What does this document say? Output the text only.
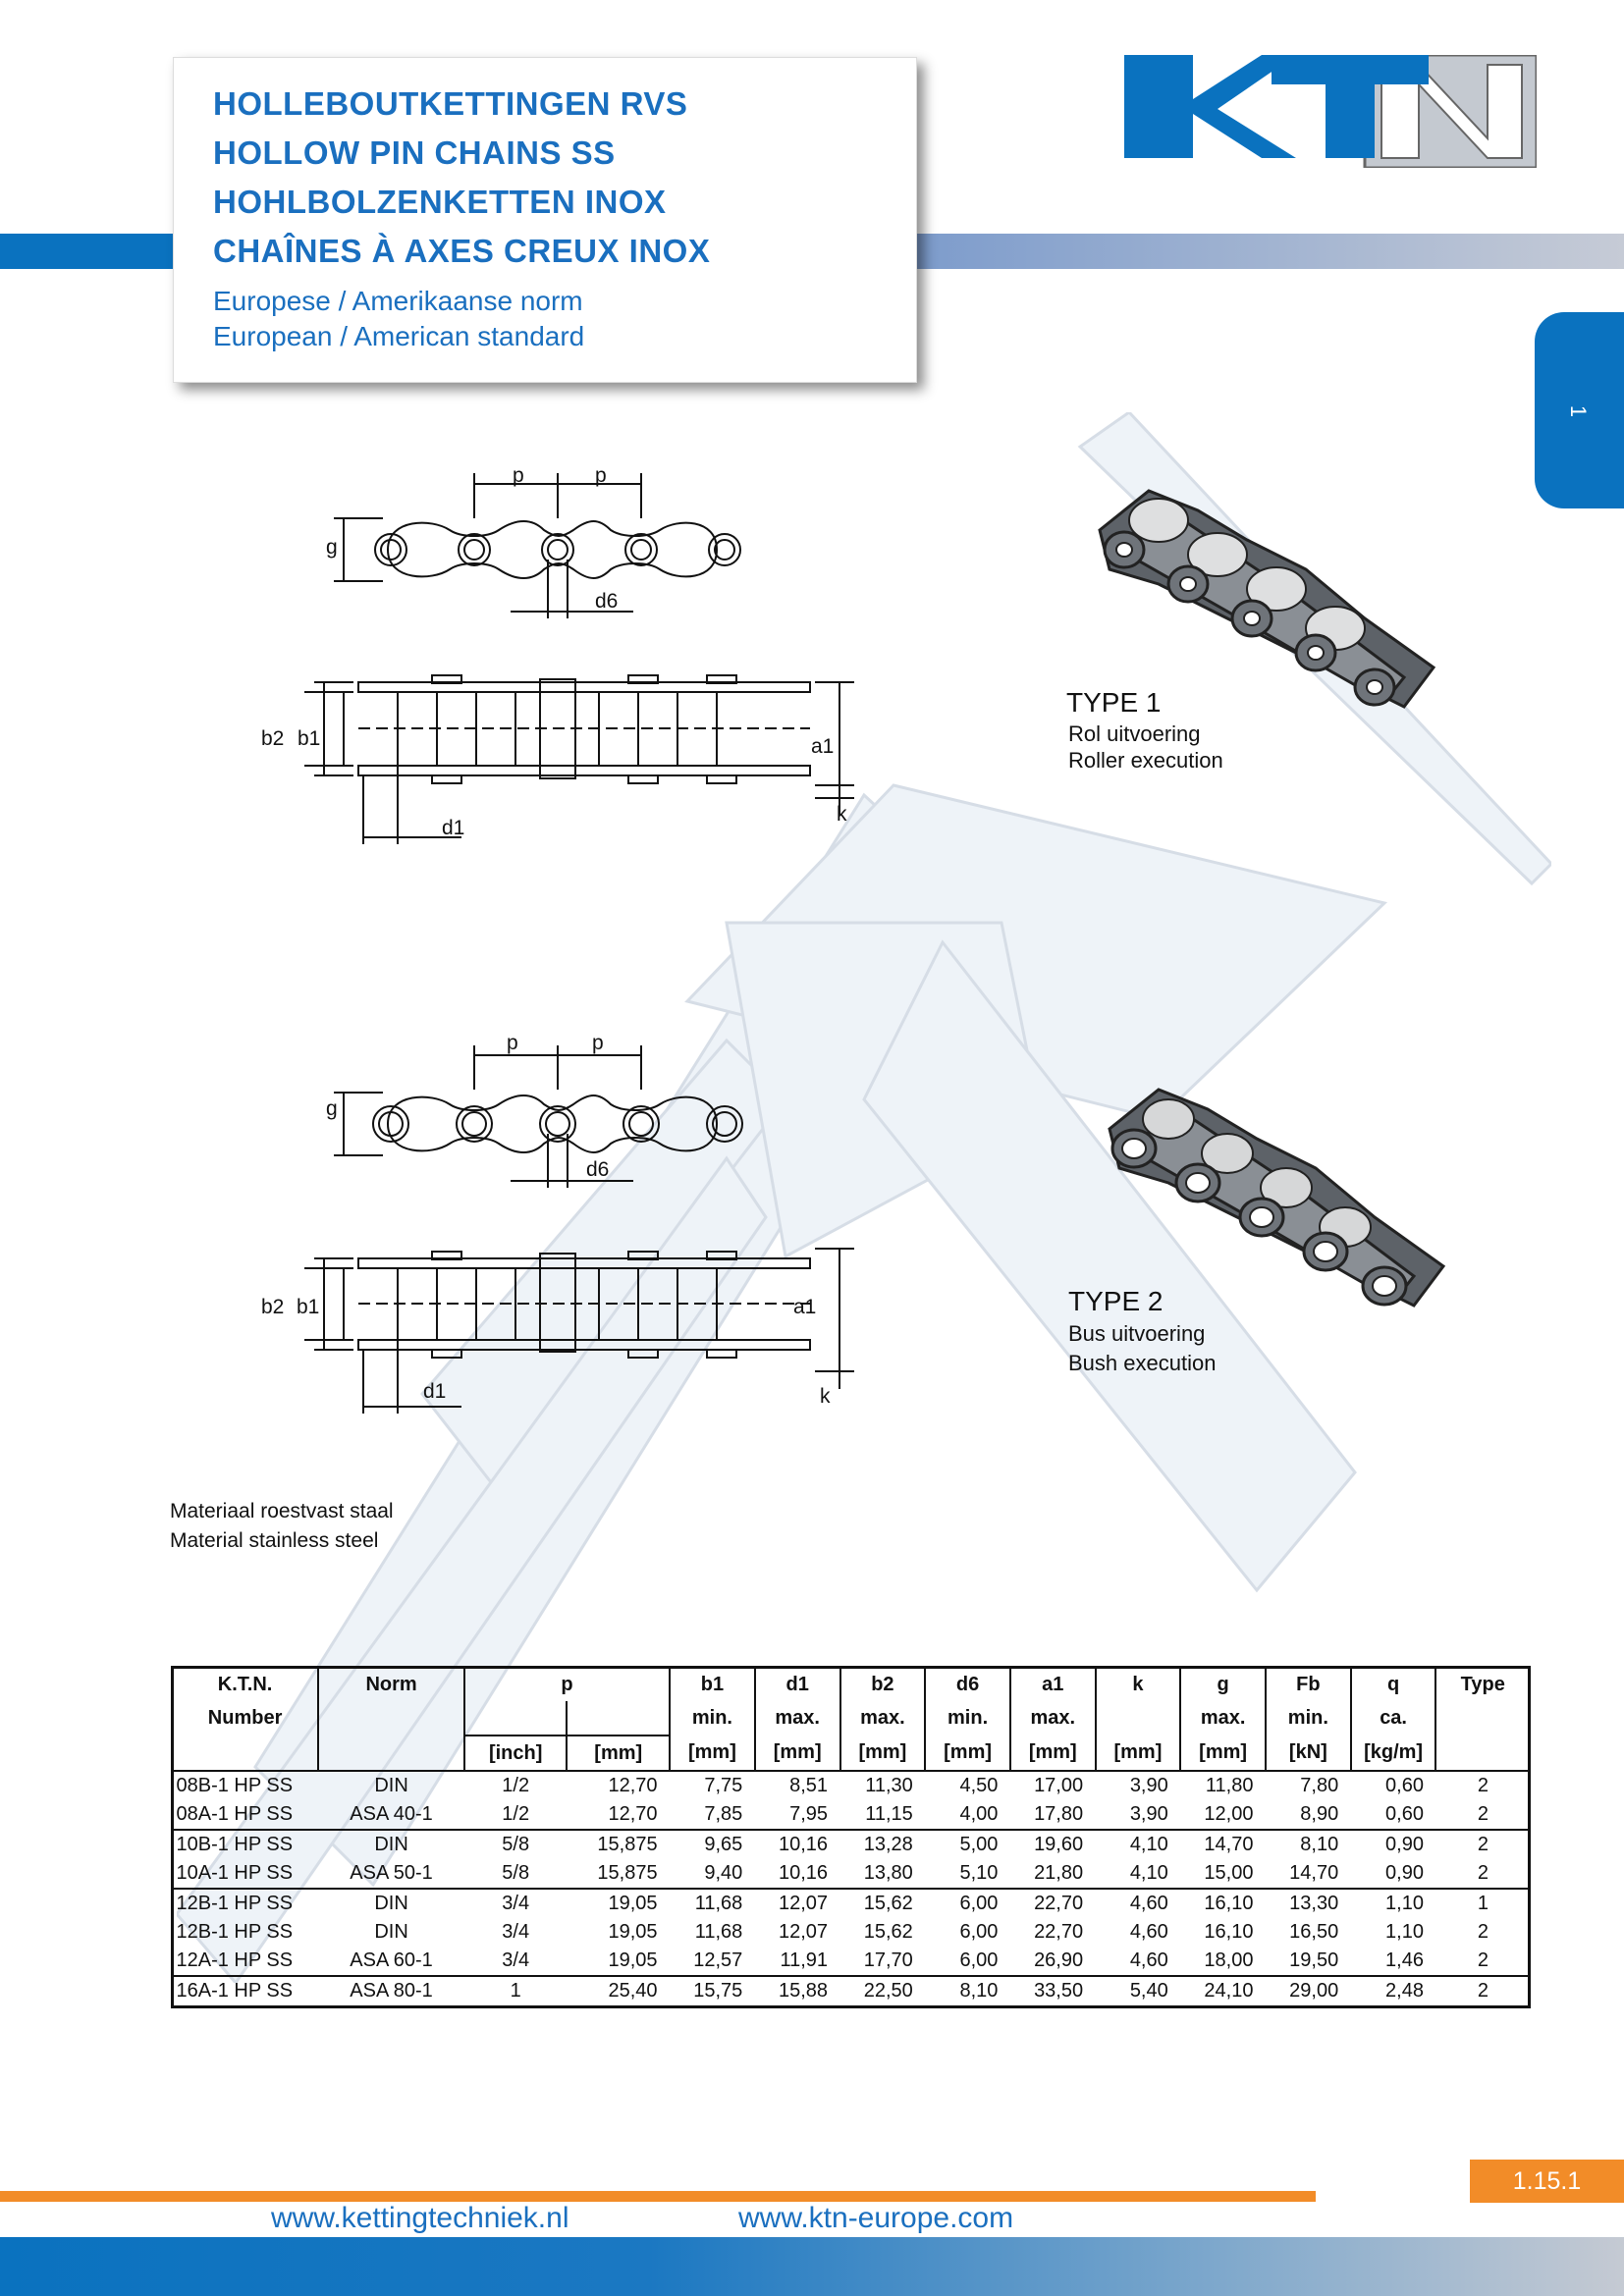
HOLLEBOUTKETTINGEN RVS
HOLLOW PIN CHAINS SS
HOHLBOLZENKETTEN INOX
CHAÎNES À AXES CREUX INOX
Europese / Amerikaanse norm
European / American standard
1
p	p
g
d6
b2 b1	a1
k
d1
p	p
g
d6
b2 b1	a1
k
d1
TYPE 1
Rol uitvoering
Roller execution
TYPE 2
Bus uitvoering
Bush execution
Materiaal roestvast staal
Material stainless steel
K.T.N.	Norm	p		b1	d1	b2	d6	a1	k	g	Fb	q	Type
Number				min.	max.	max.	min.	max.		max.	min.	ca.	
		[inch]	[mm]	[mm]	[mm]	[mm]	[mm]	[mm]	[mm]	[mm]	[kN]	[kg/m]	
08B-1 HP SS	DIN	1/2	12,70	7,75	8,51	11,30	4,50	17,00	3,90	11,80	7,80	0,60	2
08A-1 HP SS	ASA 40-1	1/2	12,70	7,85	7,95	11,15	4,00	17,80	3,90	12,00	8,90	0,60	2
10B-1 HP SS	DIN	5/8	15,875	9,65	10,16	13,28	5,00	19,60	4,10	14,70	8,10	0,90	2
10A-1 HP SS	ASA 50-1	5/8	15,875	9,40	10,16	13,80	5,10	21,80	4,10	15,00	14,70	0,90	2
12B-1 HP SS	DIN	3/4	19,05	11,68	12,07	15,62	6,00	22,70	4,60	16,10	13,30	1,10	1
12B-1 HP SS	DIN	3/4	19,05	11,68	12,07	15,62	6,00	22,70	4,60	16,10	16,50	1,10	2
12A-1 HP SS	ASA 60-1	3/4	19,05	12,57	11,91	17,70	6,00	26,90	4,60	18,00	19,50	1,46	2
16A-1 HP SS	ASA 80-1	1	25,40	15,75	15,88	22,50	8,10	33,50	5,40	24,10	29,00	2,48	2
1.15.1
www.kettingtechniek.nl	www.ktn-europe.com
